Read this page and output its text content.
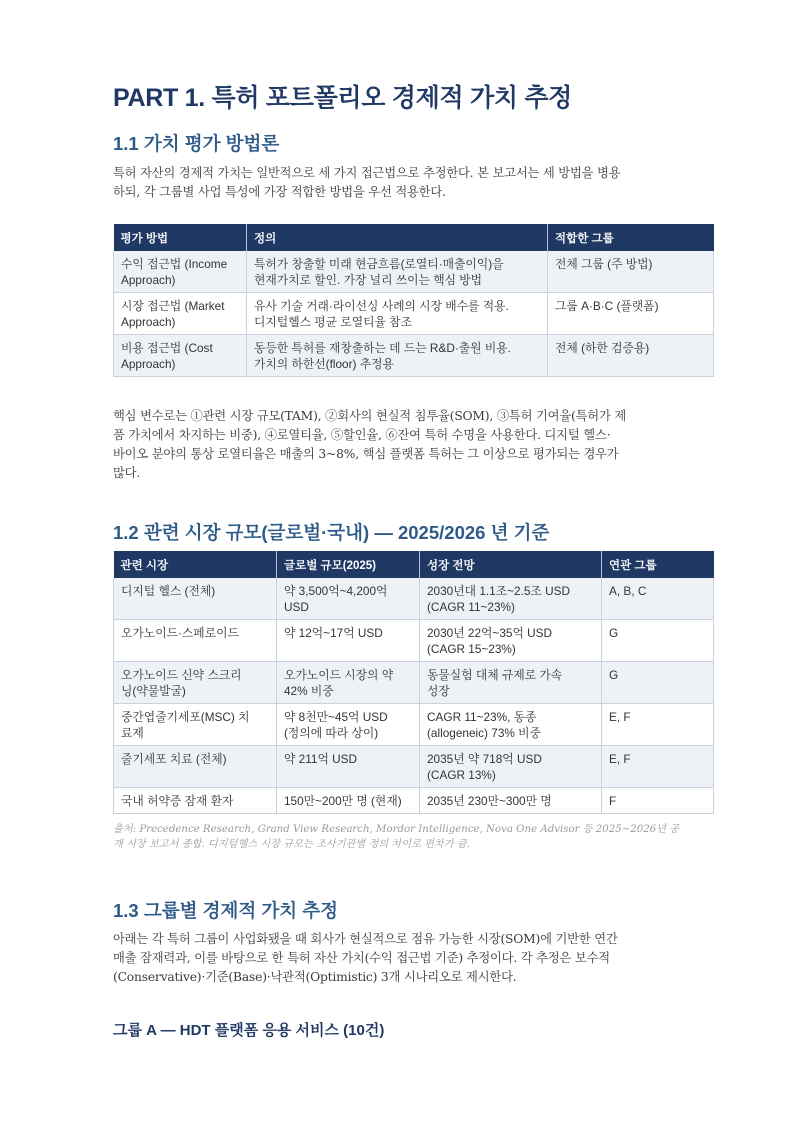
PART 1. 특허 포트폴리오 경제적 가치 추정
1.1 가치 평가 방법론
특허 자산의 경제적 가치는 일반적으로 세 가지 접근법으로 추정한다. 본 보고서는 세 방법을 병용
하되, 각 그룹별 사업 특성에 가장 적합한 방법을 우선 적용한다.
평가 방법	정의	적합한 그룹

수익 접근법 (Income
Approach)	특허가 창출할 미래 현금흐름(로열티·매출이익)을
현재가치로 할인. 가장 널리 쓰이는 핵심 방법	전체 그룹 (주 방법)

시장 접근법 (Market
Approach)	유사 기술 거래·라이선싱 사례의 시장 배수를 적용.
디지털헬스 평균 로열티율 참조	그룹 A·B·C (플랫폼)

비용 접근법 (Cost
Approach)	동등한 특허를 재창출하는 데 드는 R&D·출원 비용.
가치의 하한선(floor) 추정용	전체 (하한 검증용)
핵심 변수로는 ①관련 시장 규모(TAM), ②회사의 현실적 침투율(SOM), ③특허 기여율(특허가 제
품 가치에서 차지하는 비중), ④로열티율, ⑤할인율, ⑥잔여 특허 수명을 사용한다. 디지털 헬스·
바이오 분야의 통상 로열티율은 매출의 3~8%, 핵심 플랫폼 특허는 그 이상으로 평가되는 경우가
많다.
1.2 관련 시장 규모(글로벌·국내) — 2025/2026 년 기준
관련 시장	글로벌 규모(2025)	성장 전망	연관 그룹

디지털 헬스 (전체)	약 3,500억~4,200억
USD	2030년대 1.1조~2.5조 USD
(CAGR 11~23%)	A, B, C

오가노이드·스페로이드	약 12억~17억 USD	2030년 22억~35억 USD
(CAGR 15~23%)	G

오가노이드 신약 스크리
닝(약물발굴)	오가노이드 시장의 약
42% 비중	동물실험 대체 규제로 가속
성장	G

중간엽줄기세포(MSC) 치
료제	약 8천만~45억 USD
(정의에 따라 상이)	CAGR 11~23%, 동종
(allogeneic) 73% 비중	E, F

줄기세포 치료 (전체)	약 211억 USD	2035년 약 718억 USD
(CAGR 13%)	E, F

국내 허약증 잠재 환자	150만~200만 명 (현재)	2035년 230만~300만 명	F
출처: Precedence Research, Grand View Research, Mordor Intelligence, Nova One Advisor 등 2025~2026년 공
개 시장 보고서 종합. 디지털헬스 시장 규모는 조사기관별 정의 차이로 편차가 큼.
1.3 그룹별 경제적 가치 추정
아래는 각 특허 그룹이 사업화됐을 때 회사가 현실적으로 점유 가능한 시장(SOM)에 기반한 연간
매출 잠재력과, 이를 바탕으로 한 특허 자산 가치(수익 접근법 기준) 추정이다. 각 추정은 보수적
(Conservative)·기준(Base)·낙관적(Optimistic) 3개 시나리오로 제시한다.
그룹 A — HDT 플랫폼 응용 서비스 (10건)
